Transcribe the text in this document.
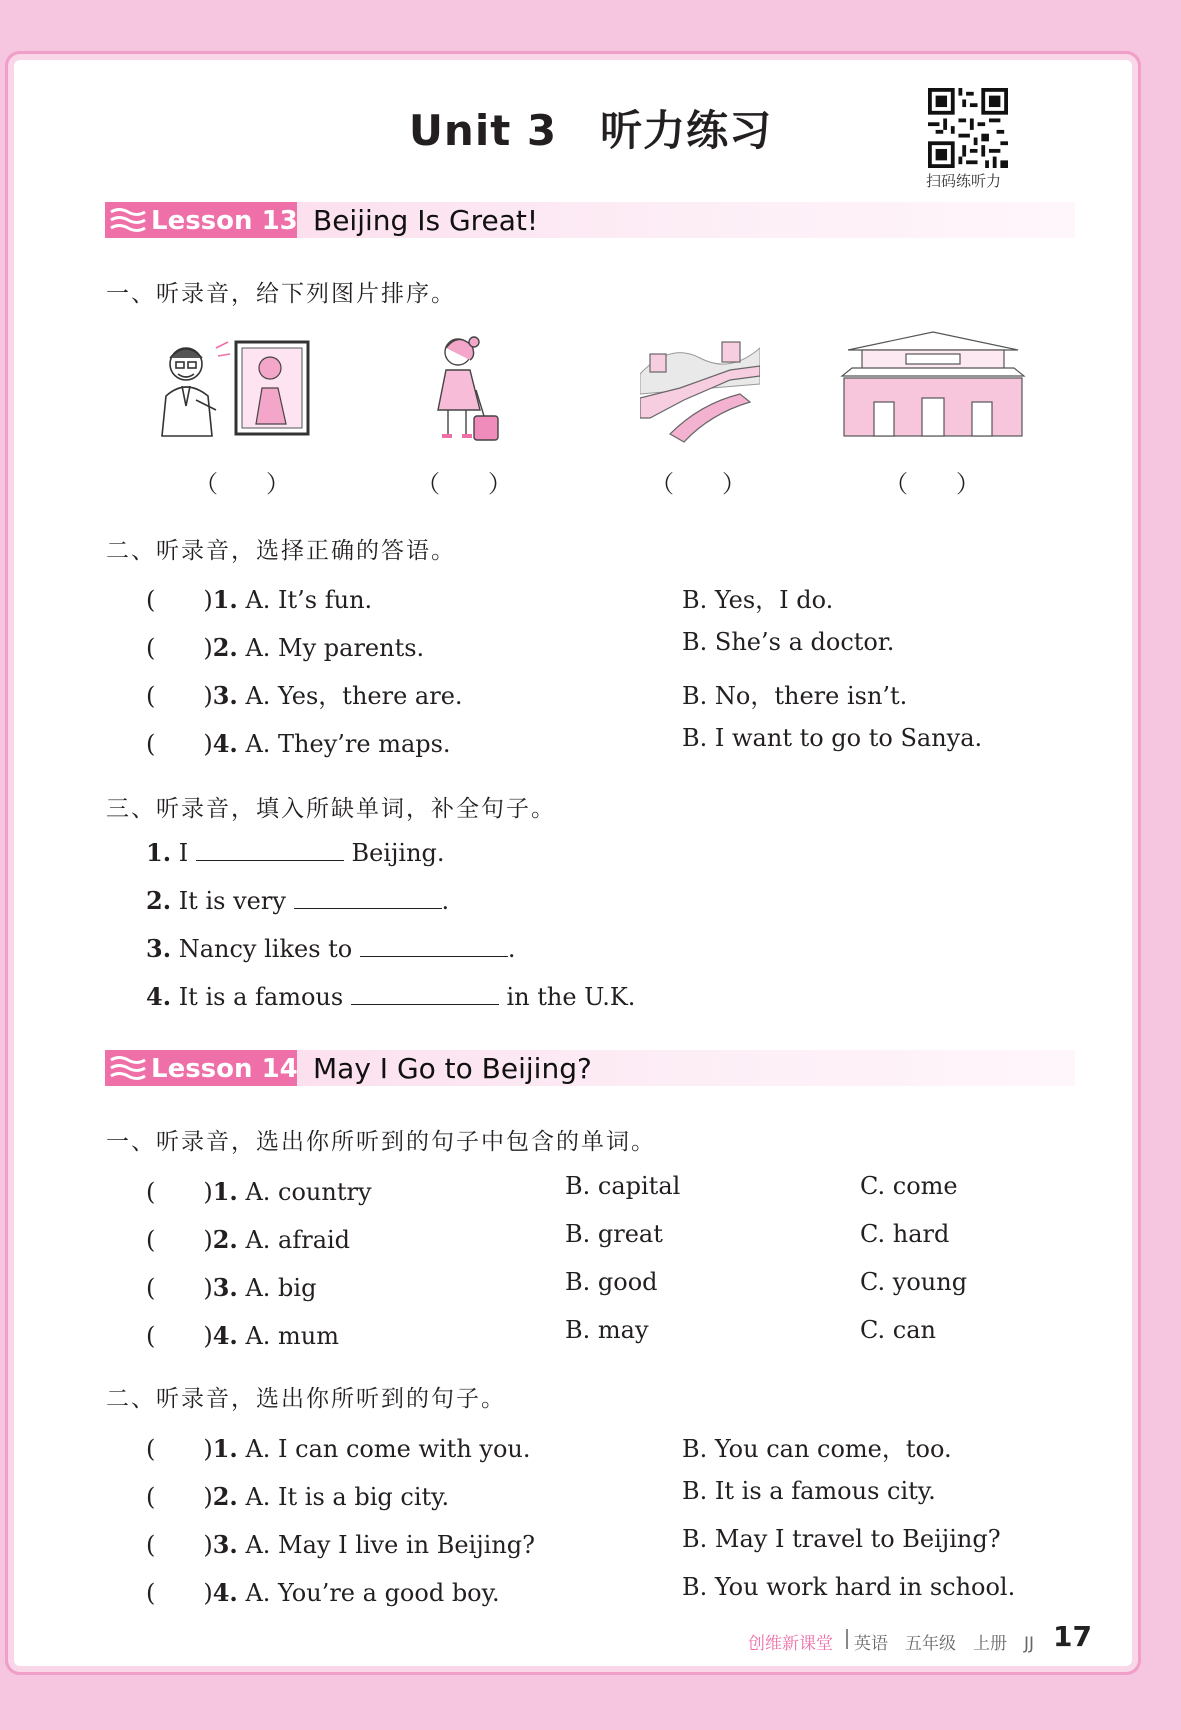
Unit 3　听力练习
扫码练听力
Lesson 13 Beijing Is Great!
一、听录音，给下列图片排序。
（　　）	（　　）	（　　）	（　　）
二、听录音，选择正确的答语。
(　　)1. A. It’s fun.	B. Yes，I do.
(　　)2. A. My parents.	B. She’s a doctor.
(　　)3. A. Yes，there are.	B. No，there isn’t.
(　　)4. A. They’re maps.	B. I want to go to Sanya.
三、听录音，填入所缺单词，补全句子。
1. I	Beijing.
2. It is very	.
3. Nancy likes to	.
4. It is a famous	in the U.K.
Lesson 14 May I Go to Beijing?
一、听录音，选出你所听到的句子中包含的单词。
(　　)1. A. country	B. capital	C. come
(　　)2. A. afraid	B. great	C. hard
(　　)3. A. big	B. good	C. young
(　　)4. A. mum	B. may	C. can
二、听录音，选出你所听到的句子。
(　　)1. A. I can come with you.	B. You can come，too.
(　　)2. A. It is a big city.	B. It is a famous city.
(　　)3. A. May I live in Beijing?	B. May I travel to Beijing?
(　　)4. A. You’re a good boy.	B. You work hard in school.
创维新课堂 英语　五年级　上册　JJ 17
